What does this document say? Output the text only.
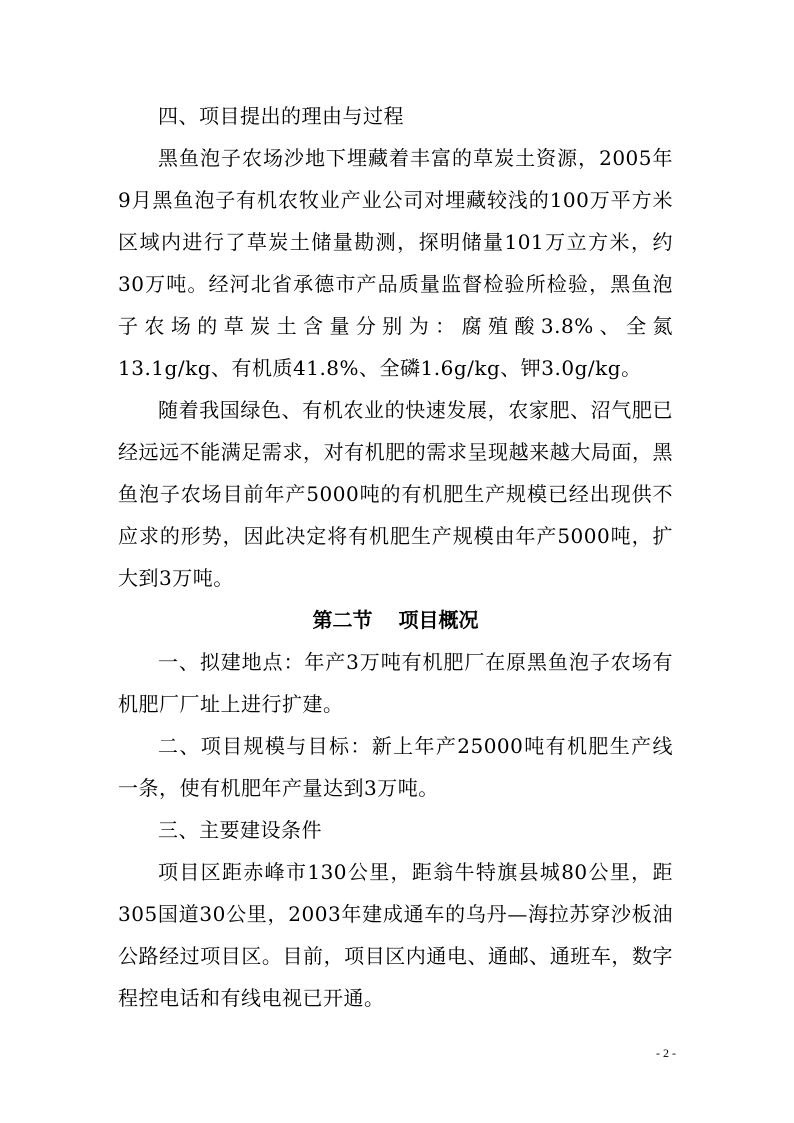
四、项目提出的理由与过程

黑鱼泡子农场沙地下埋藏着丰富的草炭土资源，2005年9月黑鱼泡子有机农牧业产业公司对埋藏较浅的100万平方米区域内进行了草炭土储量勘测，探明储量101万立方米，约30万吨。经河北省承德市产品质量监督检验所检验，黑鱼泡子农场的草炭土含量分别为：腐殖酸3.8%、全氮13.1g/kg、有机质41.8%、全磷1.6g/kg、钾3.0g/kg。

随着我国绿色、有机农业的快速发展，农家肥、沼气肥已经远远不能满足需求，对有机肥的需求呈现越来越大局面，黑鱼泡子农场目前年产5000吨的有机肥生产规模已经出现供不应求的形势，因此决定将有机肥生产规模由年产5000吨，扩大到3万吨。

第二节 项目概况

一、拟建地点：年产3万吨有机肥厂在原黑鱼泡子农场有机肥厂厂址上进行扩建。

二、项目规模与目标：新上年产25000吨有机肥生产线一条，使有机肥年产量达到3万吨。

三、主要建设条件

项目区距赤峰市130公里，距翁牛特旗县城80公里，距305国道30公里，2003年建成通车的乌丹—海拉苏穿沙板油公路经过项目区。目前，项目区内通电、通邮、通班车，数字程控电话和有线电视已开通。

- 2 -
